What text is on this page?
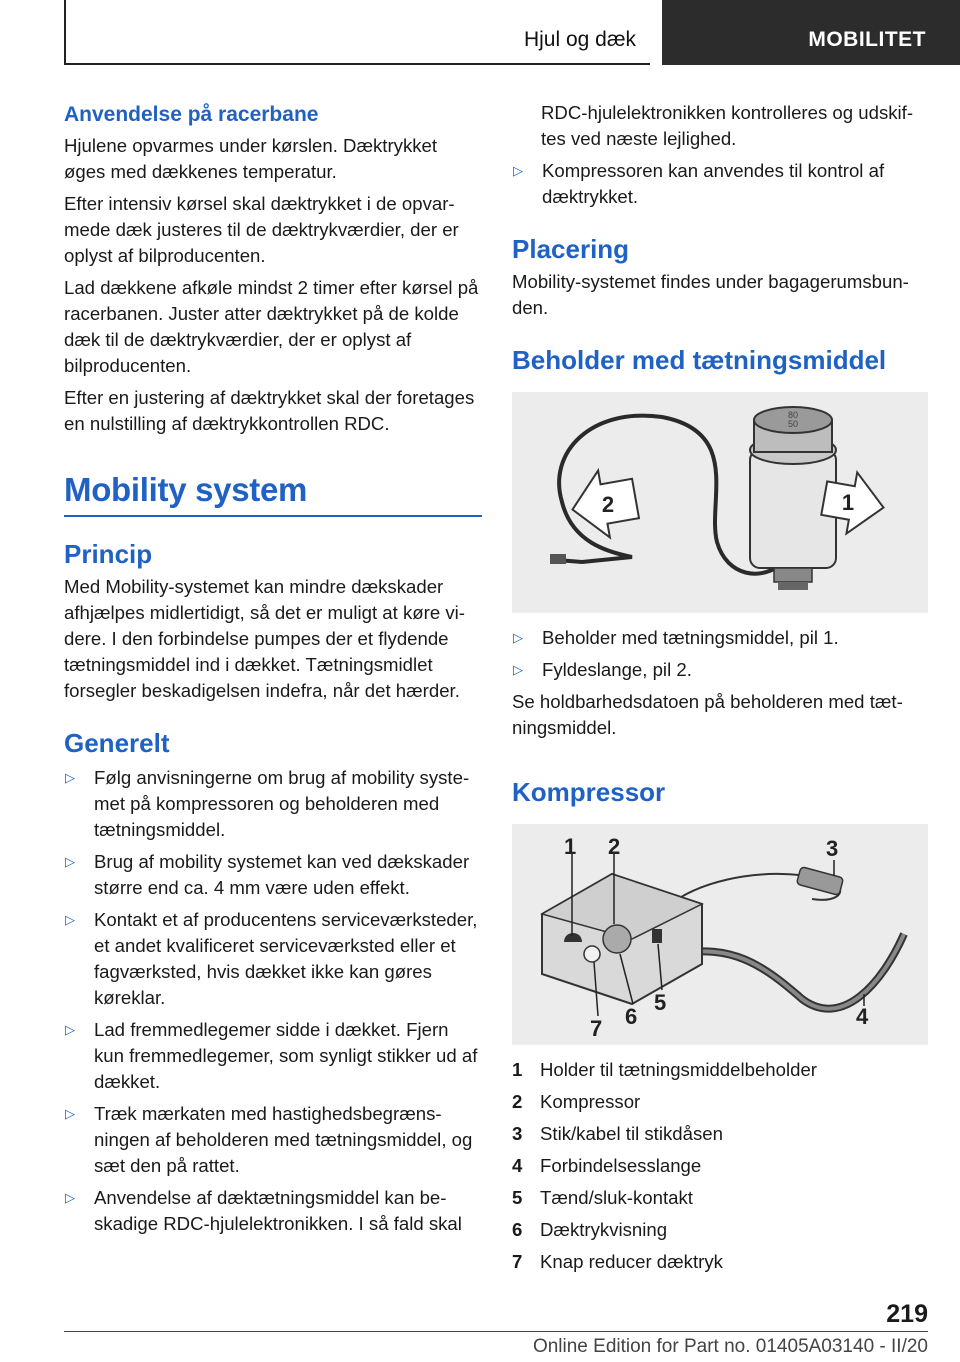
Hjul og dæk	MOBILITET
Anvendelse på racerbane

Hjulene opvarmes under kørslen. Dæktrykket øges med dækkenes temperatur.

Efter intensiv kørsel skal dæktrykket i de opvarmede dæk justeres til de dæktrykværdier, der er oplyst af bilproducenten.

Lad dækkene afkøle mindst 2 timer efter kørsel på racerbanen. Juster atter dæktrykket på de kolde dæk til de dæktrykværdier, der er oplyst af bilproducenten.

Efter en justering af dæktrykket skal der foretages en nulstilling af dæktrykkontrollen RDC.

Mobility system
Princip

Med Mobility-systemet kan mindre dækskader afhjælpes midlertidigt, så det er muligt at køre videre. I den forbindelse pumpes der et flydende tætningsmiddel ind i dækket. Tætningsmidlet forsegler beskadigelsen indefra, når det hærder.

Generelt
▷	Følg anvisningerne om brug af mobility systemet på kompressoren og beholderen med tætningsmiddel.
▷	Brug af mobility systemet kan ved dækskader større end ca. 4 mm være uden effekt.
▷	Kontakt et af producentens serviceværksteder, et andet kvalificeret serviceværksted eller et fagværksted, hvis dækket ikke kan gøres køreklar.
▷	Lad fremmedlegemer sidde i dækket. Fjern kun fremmedlegemer, som synligt stikker ud af dækket.
▷	Træk mærkaten med hastighedsbegrænsningen af beholderen med tætningsmiddel, og sæt den på rattet.
▷	Anvendelse af dæktætningsmiddel kan beskadige RDC-hjulelektronikken. I så fald skal

RDC-hjulelektronikken kontrolleres og udskiftes ved næste lejlighed.

▷	Kompressoren kan anvendes til kontrol af dæktrykket.
Placering

Mobility-systemet findes under bagagerumsbunden.

Beholder med tætningsmiddel
80
50
2	1
▷	Beholder med tætningsmiddel, pil 1.
▷	Fyldeslange, pil 2.

Se holdbarhedsdatoen på beholderen med tætningsmiddel.

Kompressor
1 2	3
4
5
6
7
1 Holder til tætningsmiddelbeholder
2 Kompressor
3 Stik/kabel til stikdåsen
4 Forbindelsesslange
5 Tænd/sluk-kontakt
6 Dæktrykvisning
7 Knap reducer dæktryk
219
Online Edition for Part no. 01405A03140 - II/20
